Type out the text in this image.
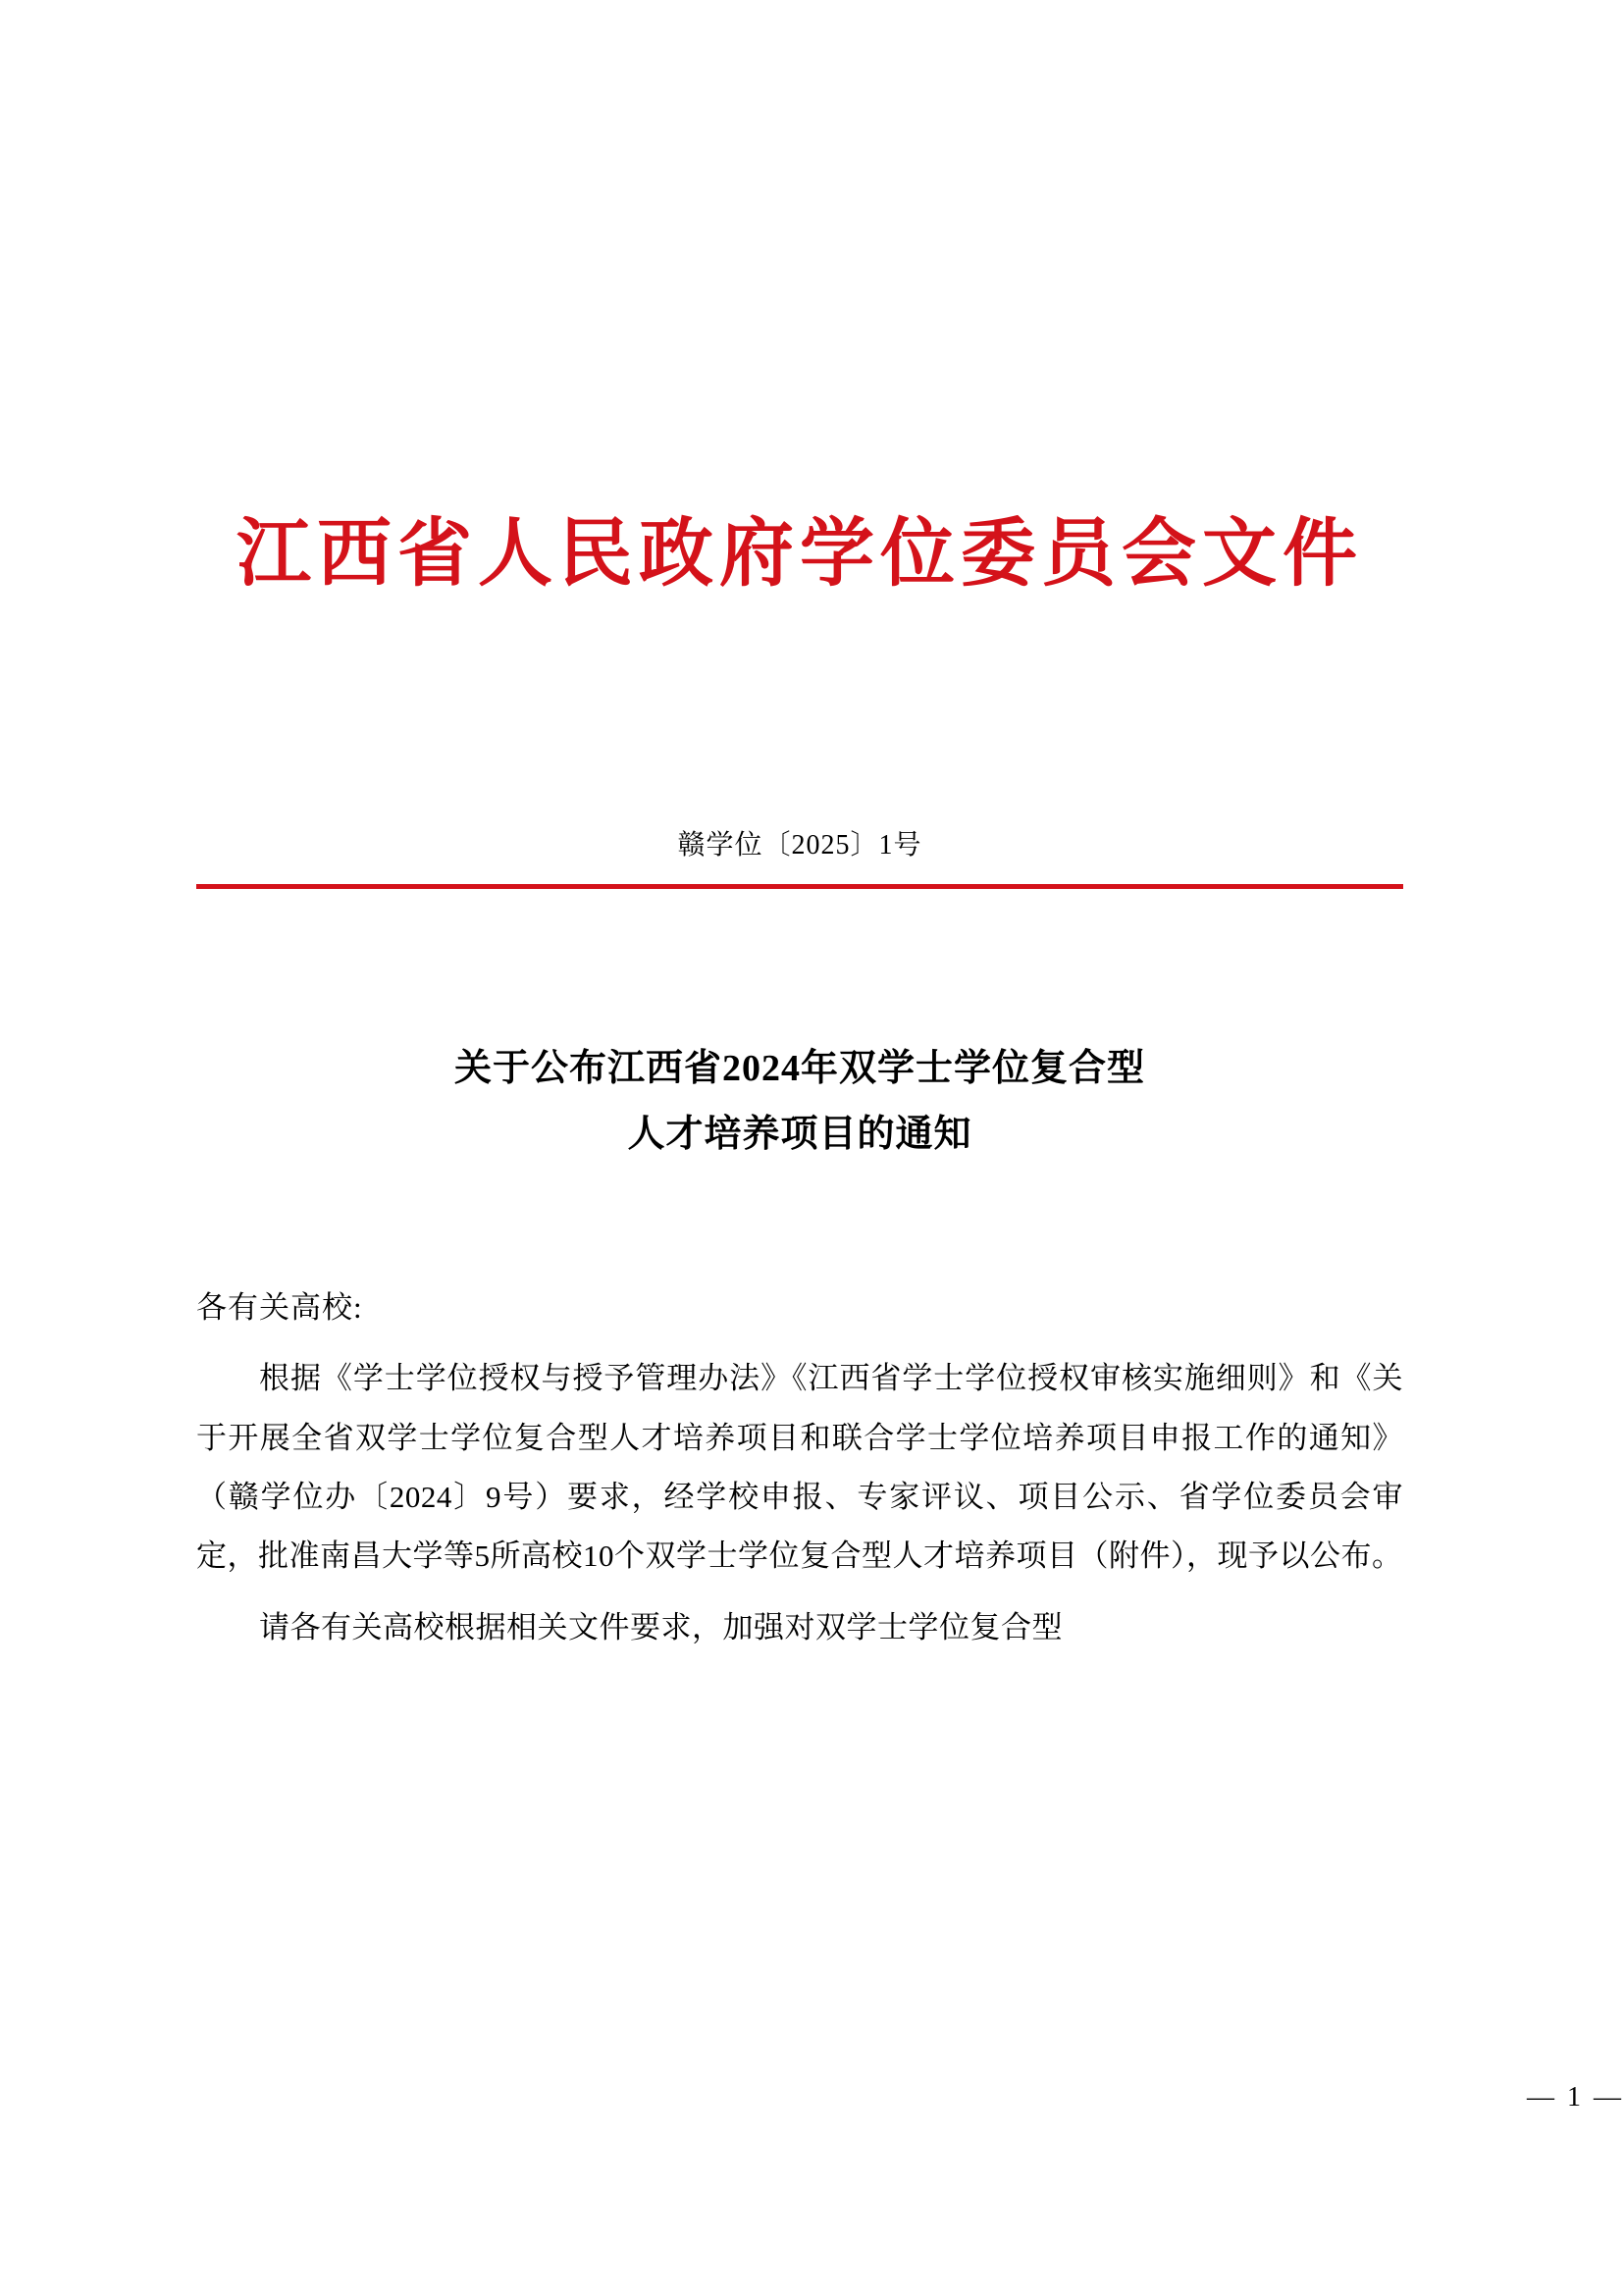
江西省人民政府学位委员会文件
赣学位〔2025〕1号
关于公布江西省2024年双学士学位复合型
人才培养项目的通知
各有关高校:
根据《学士学位授权与授予管理办法》《江西省学士学位授权审核实施细则》和《关于开展全省双学士学位复合型人才培养项目和联合学士学位培养项目申报工作的通知》（赣学位办〔2024〕9号）要求，经学校申报、专家评议、项目公示、省学位委员会审定，批准南昌大学等5所高校10个双学士学位复合型人才培养项目（附件），现予以公布。
请各有关高校根据相关文件要求，加强对双学士学位复合型
— 1 —
